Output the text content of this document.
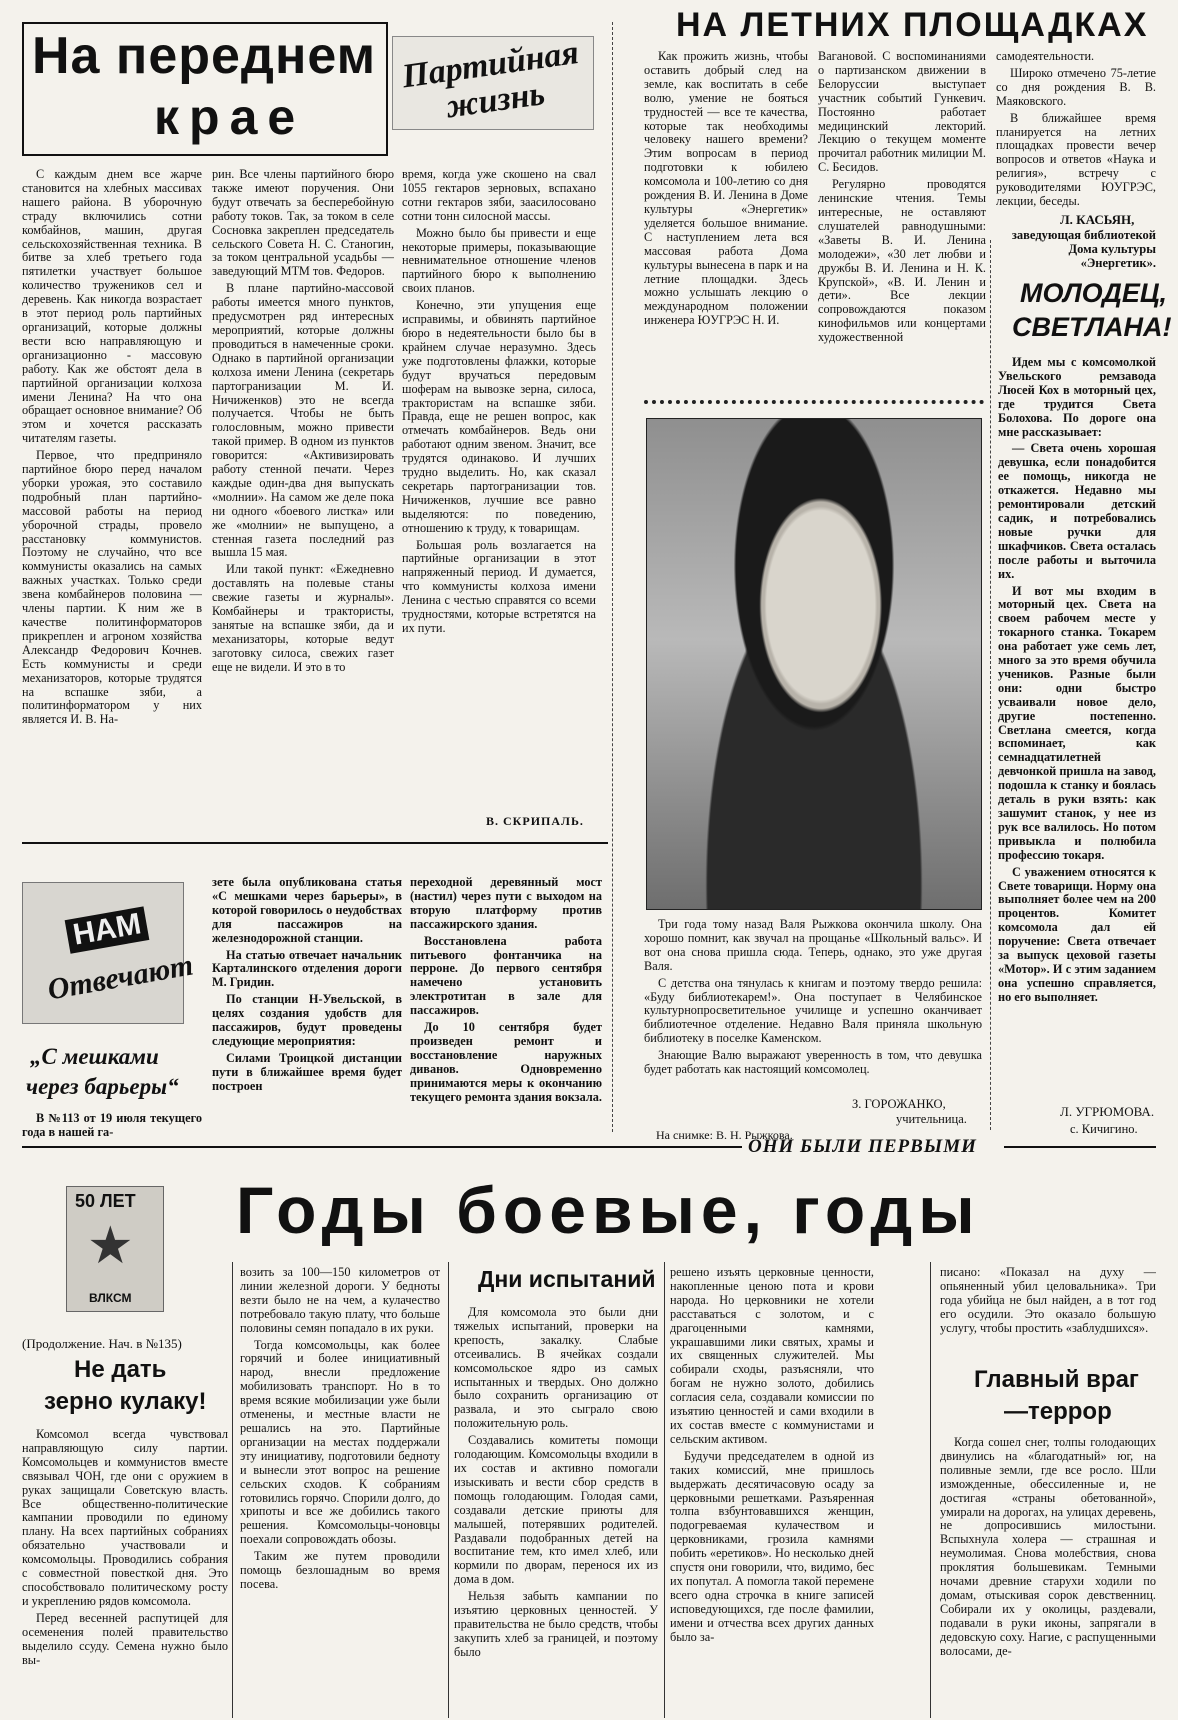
На переднем
крае
Партийная жизнь

С каждым днем все жарче становится на хлебных массивах нашего района. В уборочную страду включились сотни комбайнов, машин, другая сельскохозяйственная техника. В битве за хлеб третьего года пятилетки участвует большое количество тружеников сел и деревень. Как никогда возрастает в этот период роль партийных организаций, которые должны вести всю направляющую и организационно - массовую работу. Как же обстоят дела в партийной организации колхоза имени Ленина? На что она обращает основное внимание? Об этом и хочется рассказать читателям газеты.

Первое, что предприняло партийное бюро перед началом уборки урожая, это составило подробный план партийно-массовой работы на период уборочной страды, провело расстановку коммунистов. Поэтому не случайно, что все коммунисты оказались на самых важных участках. Только среди звена комбайнеров половина — члены партии. К ним же в качестве политинформаторов прикреплен и агроном хозяйства Александр Федорович Кочнев. Есть коммунисты и среди механизаторов, которые трудятся на вспашке зяби, а политинформатором у них является И. В. На-

рин. Все члены партийного бюро также имеют поручения. Они будут отвечать за бесперебойную работу токов. Так, за током в селе Сосновка закреплен председатель сельского Совета Н. С. Станогин, за током центральной усадьбы — заведующий МТМ тов. Федоров.

В плане партийно-массовой работы имеется много пунктов, предусмотрен ряд интересных мероприятий, которые должны проводиться в намеченные сроки. Однако в партийной организации колхоза имени Ленина (секретарь партогранизации М. И. Ничиженков) это не всегда получается. Чтобы не быть голословным, можно привести такой пример. В одном из пунктов говорится: «Активизировать работу стенной печати. Через каждые один-два дня выпускать «молнии». На самом же деле пока ни одного «боевого листка» или же «молнии» не выпущено, а стенная газета последний раз вышла 15 мая.

Или такой пункт: «Ежедневно доставлять на полевые станы свежие газеты и журналы». Комбайнеры и трактористы, занятые на вспашке зяби, да и механизаторы, которые ведут заготовку силоса, свежих газет еще не видели. И это в то

время, когда уже скошено на свал 1055 гектаров зерновых, вспахано сотни гектаров зяби, заасилосовано сотни тонн силосной массы.

Можно было бы привести и еще некоторые примеры, показывающие невнимательное отношение членов партийного бюро к выполнению своих планов.

Конечно, эти упущения еще исправимы, и обвинять партийное бюро в недеятельности было бы в крайнем случае неразумно. Здесь уже подготовлены флажки, которые будут вручаться передовым шоферам на вывозке зерна, силоса, трактористам на вспашке зяби. Правда, еще не решен вопрос, как отмечать комбайнеров. Ведь они работают одним звеном. Значит, все трудятся одинаково. И лучших трудно выделить. Но, как сказал секретарь партогранизации тов. Ничиженков, лучшие все равно выделяются: по поведению, отношению к труду, к товарищам.

Большая роль возлагается на партийные организации в этот напряженный период. И думается, что коммунисты колхоза имени Ленина с честью справятся со всеми трудностями, которые встретятся на их пути.

В. СКРИПАЛЬ.
НАМ
Отвечают
„С мешками
через барьеры“

В №113 от 19 июля текущего года в нашей га-

зете была опубликована статья «С мешками через барьеры», в которой говорилось о неудобствах для пассажиров на железнодорожной станции.

На статью отвечает начальник Карталинского отделения дороги М. Гридин.

По станции Н-Увельской, в целях создания удобств для пассажиров, будут проведены следующие мероприятия:

Силами Троицкой дистанции пути в ближайшее время будет построен

переходной деревянный мост (настил) через пути с выходом на вторую платформу против пассажирского здания.

Восстановлена работа питьевого фонтанчика на перроне. До первого сентября намечено установить электротитан в зале для пассажиров.

До 10 сентября будет произведен ремонт и восстановление наружных диванов. Одновременно принимаются меры к окончанию текущего ремонта здания вокзала.

НА ЛЕТНИХ ПЛОЩАДКАХ

Как прожить жизнь, чтобы оставить добрый след на земле, как воспитать в себе волю, умение не бояться трудностей — все те качества, которые так необходимы человеку нашего времени? Этим вопросам в период подготовки к юбилею комсомола и 100-летию со дня рождения В. И. Ленина в Доме культуры «Энергетик» уделяется большое внимание. С наступлением лета вся массовая работа Дома культуры вынесена в парк и на летние площадки. Здесь можно услышать лекцию о международном положении инженера ЮУГРЭС Н. И.

Вагановой. С воспоминаниями о партизанском движении в Белоруссии выступает участник событий Гункевич. Постоянно работает медицинский лекторий. Лекцию о текущем моменте прочитал работник милиции М. С. Бесидов.

Регулярно проводятся ленинские чтения. Темы интересные, не оставляют слушателей равнодушными: «Заветы В. И. Ленина молодежи», «30 лет любви и дружбы В. И. Ленина и Н. К. Крупской», «В. И. Ленин и дети». Все лекции сопровождаются показом кинофильмов или концертами художественной

самодеятельности.

Широко отмечено 75-летие со дня рождения В. В. Маяковского.

В ближайшее время планируется на летних площадках провести вечер вопросов и ответов «Наука и религия», встречу с руководителями ЮУГРЭС, лекции, беседы.

Л. КАСЬЯН,
заведующая библиотекой Дома культуры «Энергетик».

Три года тому назад Валя Рыжкова окончила школу. Она хорошо помнит, как звучал на прощанье «Школьный вальс». И вот она снова пришла сюда. Теперь, однако, это уже другая Валя.

С детства она тянулась к книгам и поэтому твердо решила: «Буду библиотекарем!». Она поступает в Челябинское культурнопросветительное училище и успешно оканчивает библиотечное отделение. Недавно Валя приняла школьную библиотеку в поселке Каменском.

Знающие Валю выражают уверенность в том, что девушка будет работать как настоящий комсомолец.

З. ГОРОЖАНКО,
учительница.
На снимке: В. Н. Рыжкова.
МОЛОДЕЦ,
СВЕТЛАНА!

Идем мы с комсомолкой Увельского ремзавода Люсей Кох в моторный цех, где трудится Света Болохова. По дороге она мне рассказывает:

— Света очень хорошая девушка, если понадобится ее помощь, никогда не откажется. Недавно мы ремонтировали детский садик, и потребовались новые ручки для шкафчиков. Света осталась после работы и выточила их.

И вот мы входим в моторный цех. Света на своем рабочем месте у токарного станка. Токарем она работает уже семь лет, много за это время обучила учеников. Разные были они: одни быстро усваивали новое дело, другие постепенно. Светлана смеется, когда вспоминает, как семнадцатилетней девчонкой пришла на завод, подошла к станку и боялась деталь в руки взять: как зашумит станок, у нее из рук все валилось. Но потом привыкла и полюбила профессию токаря.

С уважением относятся к Свете товарищи. Норму она выполняет более чем на 200 процентов. Комитет комсомола дал ей поручение: Света отвечает за выпуск цеховой газеты «Мотор». И с этим заданием она успешно справляется, но его выполняет.

Л. УГРЮМОВА.
с. Кичигино.
ОНИ БЫЛИ ПЕРВЫМИ
50 ЛЕТ
★
ВЛКСМ
Годы боевые, годы
(Продолжение. Нач. в №135)
Не дать
зерно кулаку!

Комсомол всегда чувствовал направляющую силу партии. Комсомольцев и коммунистов вместе связывал ЧОН, где они с оружием в руках защищали Советскую власть. Все общественно-политические кампании проводили по единому плану. На всех партийных собраниях обязательно участвовали и комсомольцы. Проводились собрания с совместной повесткой дня. Это способствовало политическому росту и укреплению рядов комсомола.

Перед весенней распутицей для осеменения полей правительство выделило ссуду. Семена нужно было вы-

возить за 100—150 километров от линии железной дороги. У бедноты везти было не на чем, а кулачество потребовало такую плату, что больше половины семян попадало в их руки.

Тогда комсомольцы, как более горячий и более инициативный народ, внесли предложение мобилизовать транспорт. Но в то время всякие мобилизации уже были отменены, и местные власти не решались на это. Партийные организации на местах поддержали эту инициативу, подготовили бедноту и вынесли этот вопрос на решение сельских сходов. К собраниям готовились горячо. Спорили долго, до хрипоты и все же добились такого решения. Комсомольцы-чоновцы поехали сопровождать обозы.

Таким же путем проводили помощь безлошадным во время посева.

Дни испытаний

Для комсомола это были дни тяжелых испытаний, проверки на крепость, закалку. Слабые отсеивались. В ячейках создали комсомольское ядро из самых испытанных и твердых. Оно должно было сохранить организацию от развала, и это сыграло свою положительную роль.

Создавались комитеты помощи голодающим. Комсомольцы входили в их состав и активно помогали изыскивать и вести сбор средств в помощь голодающим. Голодая сами, создавали детские приюты для малышей, потерявших родителей. Раздавали подобранных детей на воспитание тем, кто имел хлеб, или кормили по дворам, перенося их из дома в дом.

Нельзя забыть кампании по изъятию церковных ценностей. У правительства не было средств, чтобы закупить хлеб за границей, и поэтому было

решено изъять церковные ценности, накопленные ценою пота и крови народа. Но церковники не хотели расставаться с золотом, и с драгоценными камнями, украшавшими лики святых, храмы и их священных служителей. Мы собирали сходы, разъясняли, что богам не нужно золото, добились согласия села, создавали комиссии по изъятию ценностей и сами входили в их состав вместе с коммунистами и сельским активом.

Будучи председателем в одной из таких комиссий, мне пришлось выдержать десятичасовую осаду за церковными решетками. Разъяренная толпа взбунтовавшихся женщин, подогреваемая кулачеством и церковниками, грозила камнями побить «еретиков». Но несколько дней спустя они говорили, что, видимо, бес их попутал. А помогла такой перемене всего одна строчка в книге записей исповедующихся, где после фамилии, имени и отчества всех других данных было за-

писано: «Показал на духу — опьяненный убил целовальника». Три года убийца не был найден, а в тот год его осудили. Это оказало большую услугу, чтобы простить «заблудшихся».

Главный враг
—террор

Когда сошел снег, толпы голодающих двинулись на «благодатный» юг, на поливные земли, где все росло. Шли изможденные, обессиленные и, не достигая «страны обетованной», умирали на дорогах, на улицах деревень, не допросившись милостыни. Вспыхнула холера — страшная и неумолимая. Снова молебствия, снова проклятия большевикам. Темными ночами древние старухи ходили по домам, отыскивая сорок девственниц. Собирали их у околицы, раздевали, подавали в руки иконы, запрягали в дедовскую соху. Нагие, с распущенными волосами, де-
